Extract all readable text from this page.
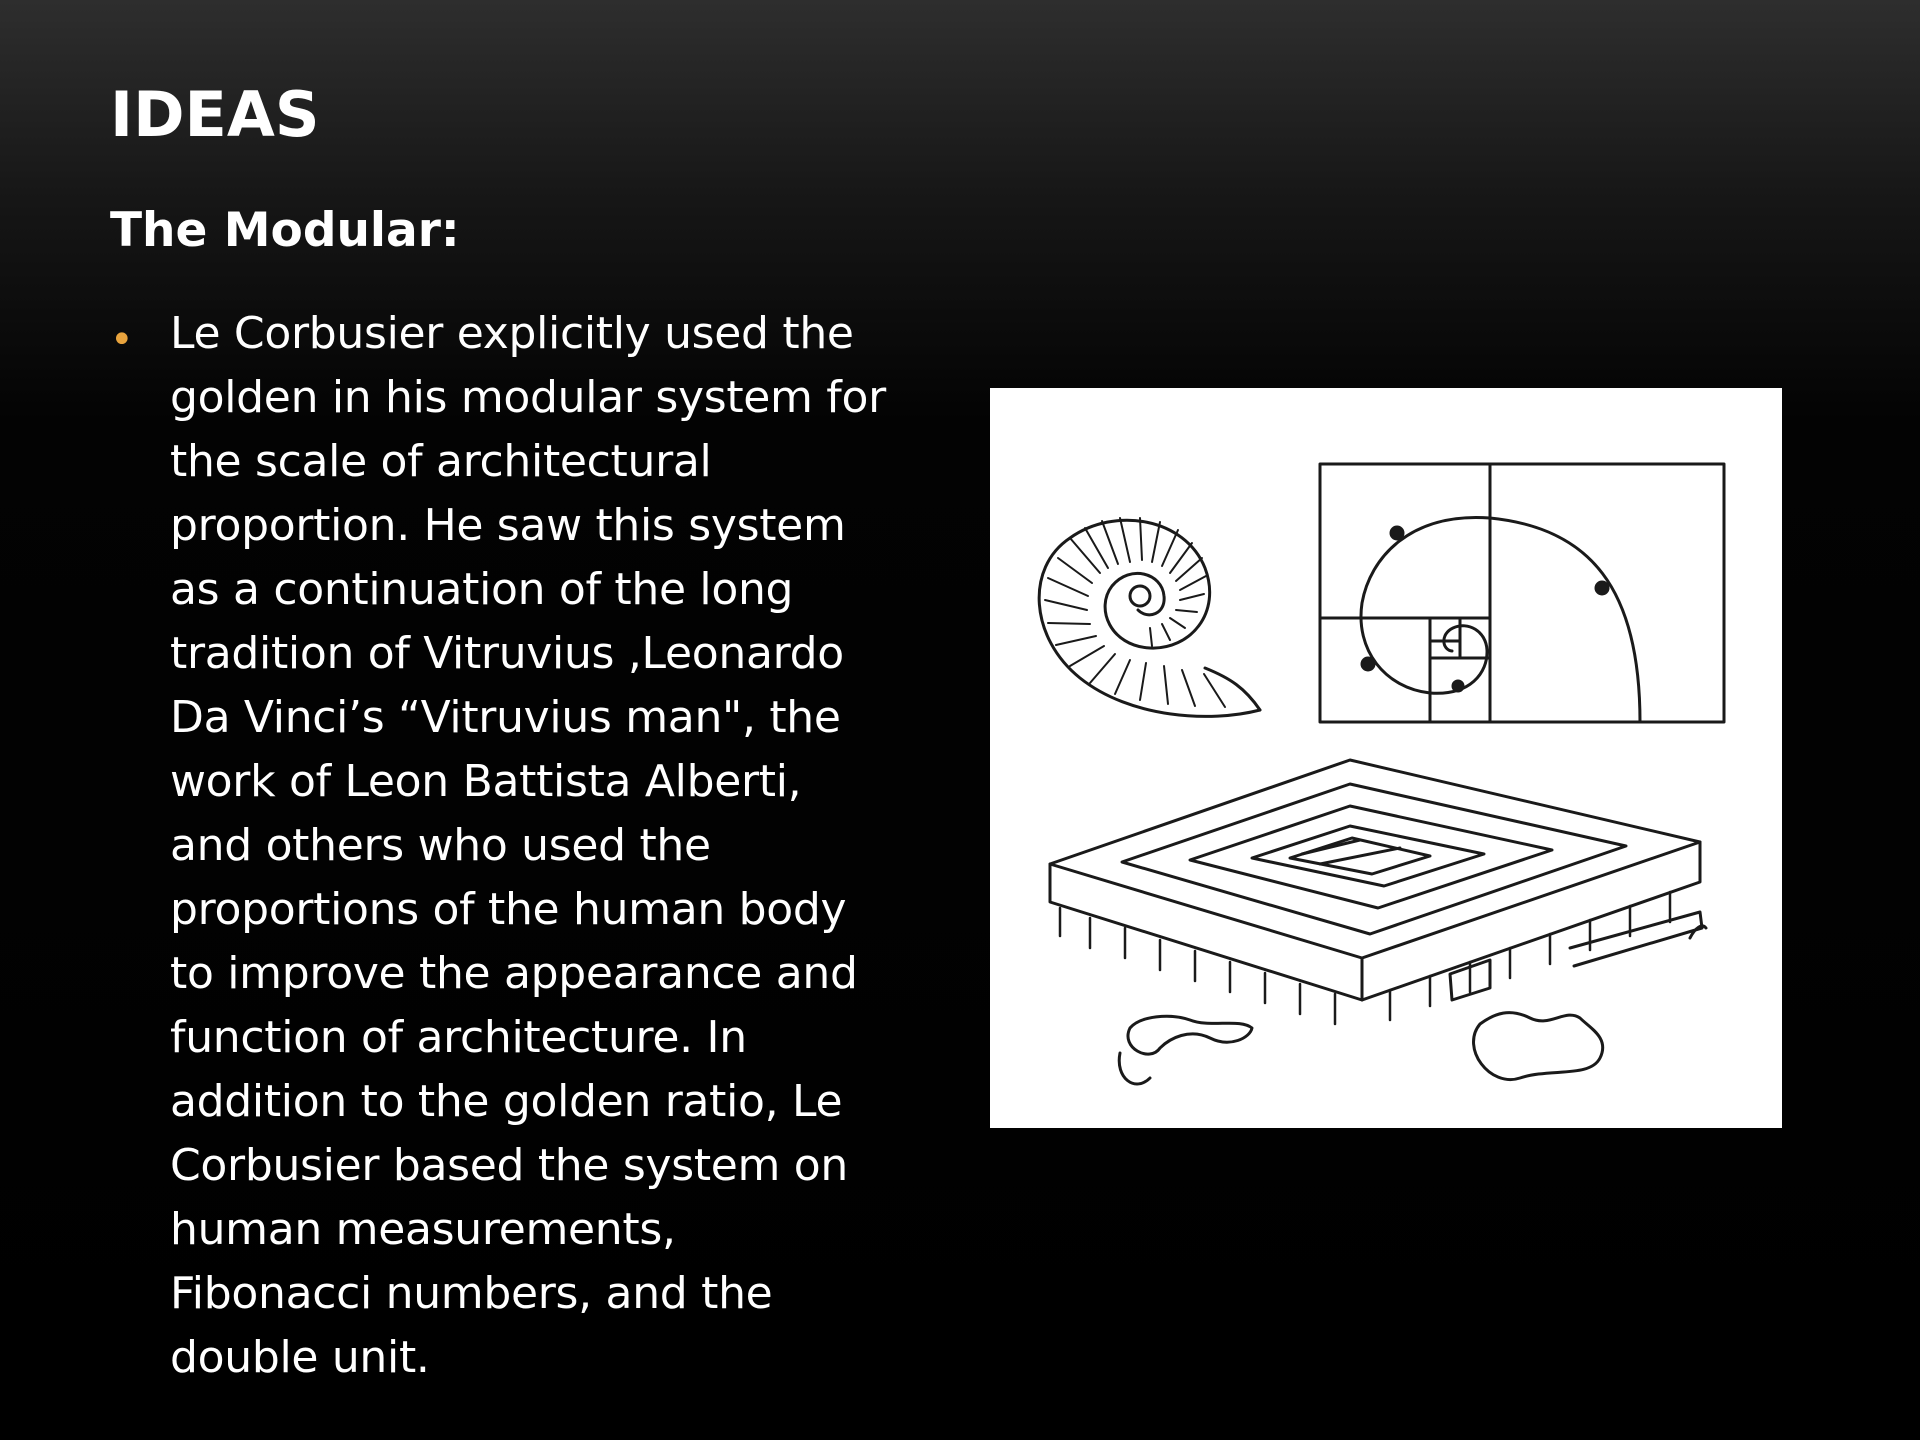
IDEAS
The Modular:
• Le Corbusier explicitly used the golden in his modular system for the scale of architectural proportion. He saw this system as a continuation of the long tradition of Vitruvius ,Leonardo Da Vinci’s “Vitruvius man", the work of Leon Battista Alberti, and others who used the proportions of the human body to improve the appearance and function of architecture. In addition to the golden ratio, Le Corbusier based the system on human measurements, Fibonacci numbers, and the double unit.
